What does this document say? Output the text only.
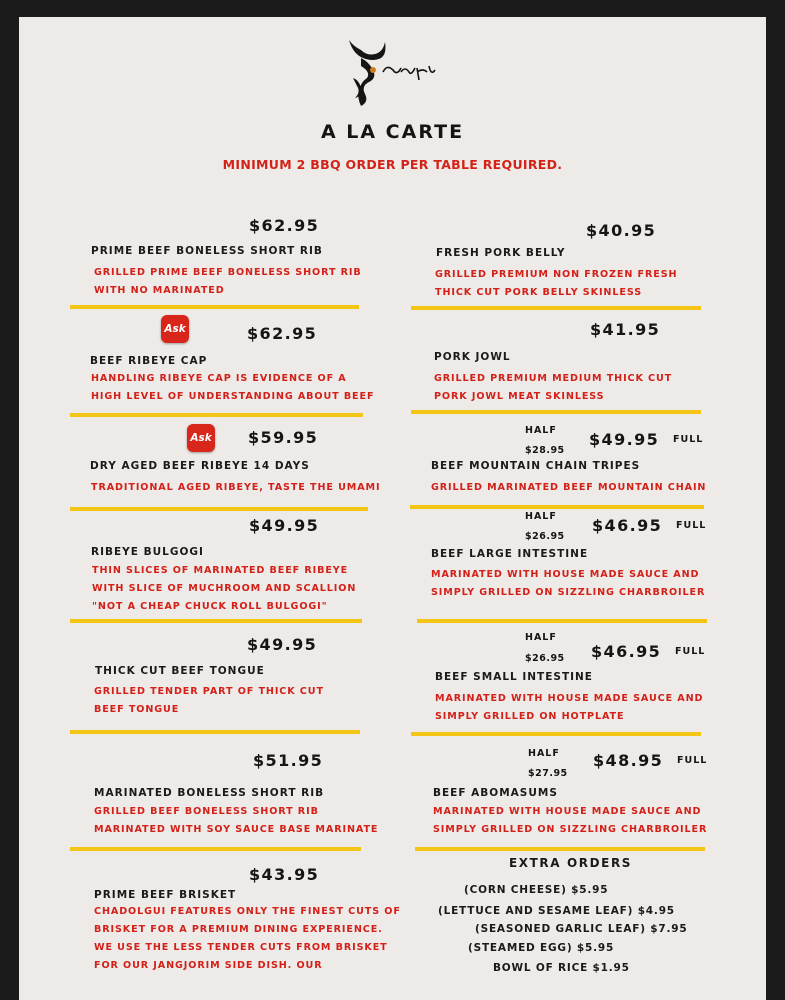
A LA CARTE
MINIMUM 2 BBQ ORDER PER TABLE REQUIRED.
$62.95
PRIME BEEF BONELESS SHORT RIB
GRILLED PRIME BEEF BONELESS SHORT RIB
WITH NO MARINATED
Ask	$62.95
BEEF RIBEYE CAP
HANDLING RIBEYE CAP IS EVIDENCE OF A
HIGH LEVEL OF UNDERSTANDING ABOUT BEEF
Ask $59.95
DRY AGED BEEF RIBEYE 14 DAYS
TRADITIONAL AGED RIBEYE, TASTE THE UMAMI
$49.95
RIBEYE BULGOGI
THIN SLICES OF MARINATED BEEF RIBEYE
WITH SLICE OF MUCHROOM AND SCALLION
"NOT A CHEAP CHUCK ROLL BULGOGI"
$49.95
THICK CUT BEEF TONGUE
GRILLED TENDER PART OF THICK CUT
BEEF TONGUE
$51.95
MARINATED BONELESS SHORT RIB
GRILLED BEEF BONELESS SHORT RIB
MARINATED WITH SOY SAUCE BASE MARINATE
$43.95
PRIME BEEF BRISKET
CHADOLGUI FEATURES ONLY THE FINEST CUTS OF
BRISKET FOR A PREMIUM DINING EXPERIENCE.
WE USE THE LESS TENDER CUTS FROM BRISKET
FOR OUR JANGJORIM SIDE DISH. OUR
$40.95
FRESH PORK BELLY
GRILLED PREMIUM NON FROZEN FRESH
THICK CUT PORK BELLY SKINLESS
$41.95
PORK JOWL
GRILLED PREMIUM MEDIUM THICK CUT
PORK JOWL MEAT SKINLESS
HALF
$28.95
$49.95 FULL
BEEF MOUNTAIN CHAIN TRIPES
GRILLED MARINATED BEEF MOUNTAIN CHAIN
HALF
$26.95
$46.95 FULL
BEEF LARGE INTESTINE
MARINATED WITH HOUSE MADE SAUCE AND
SIMPLY GRILLED ON SIZZLING CHARBROILER
HALF
$26.95 $46.95 FULL
BEEF SMALL INTESTINE
MARINATED WITH HOUSE MADE SAUCE AND
SIMPLY GRILLED ON HOTPLATE
HALF
$27.95
$48.95 FULL
BEEF ABOMASUMS
MARINATED WITH HOUSE MADE SAUCE AND
SIMPLY GRILLED ON SIZZLING CHARBROILER
EXTRA ORDERS
(CORN CHEESE) $5.95
(LETTUCE AND SESAME LEAF) $4.95
(SEASONED GARLIC LEAF) $7.95
(STEAMED EGG) $5.95
BOWL OF RICE $1.95
